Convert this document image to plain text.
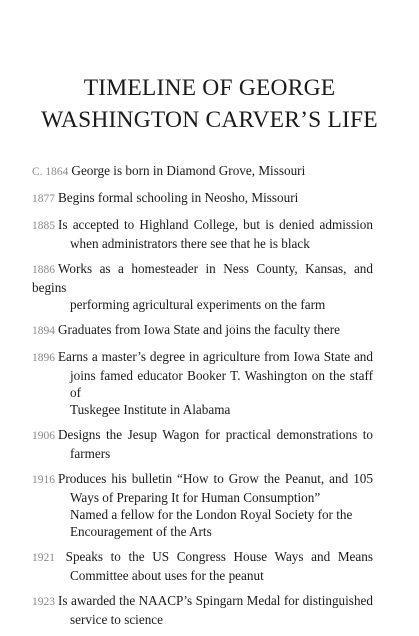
TIMELINE OF GEORGE
WASHINGTON CARVER’S LIFE
C. 1864 George is born in Diamond Grove, Missouri
1877 Begins formal schooling in Neosho, Missouri
1885 Is accepted to Highland College, but is denied admission
when administrators there see that he is black
1886 Works as a homesteader in Ness County, Kansas, and begins
performing agricultural experiments on the farm
1894 Graduates from Iowa State and joins the faculty there
1896 Earns a master’s degree in agriculture from Iowa State and
joins famed educator Booker T. Washington on the staff of
Tuskegee Institute in Alabama
1906 Designs the Jesup Wagon for practical demonstrations to
farmers
1916 Produces his bulletin “How to Grow the Peanut, and 105
Ways of Preparing It for Human Consumption”
Named a fellow for the London Royal Society for the
Encouragement of the Arts
1921 Speaks to the US Congress House Ways and Means
Committee about uses for the peanut
1923 Is awarded the NAACP’s Spingarn Medal for distinguished
service to science
